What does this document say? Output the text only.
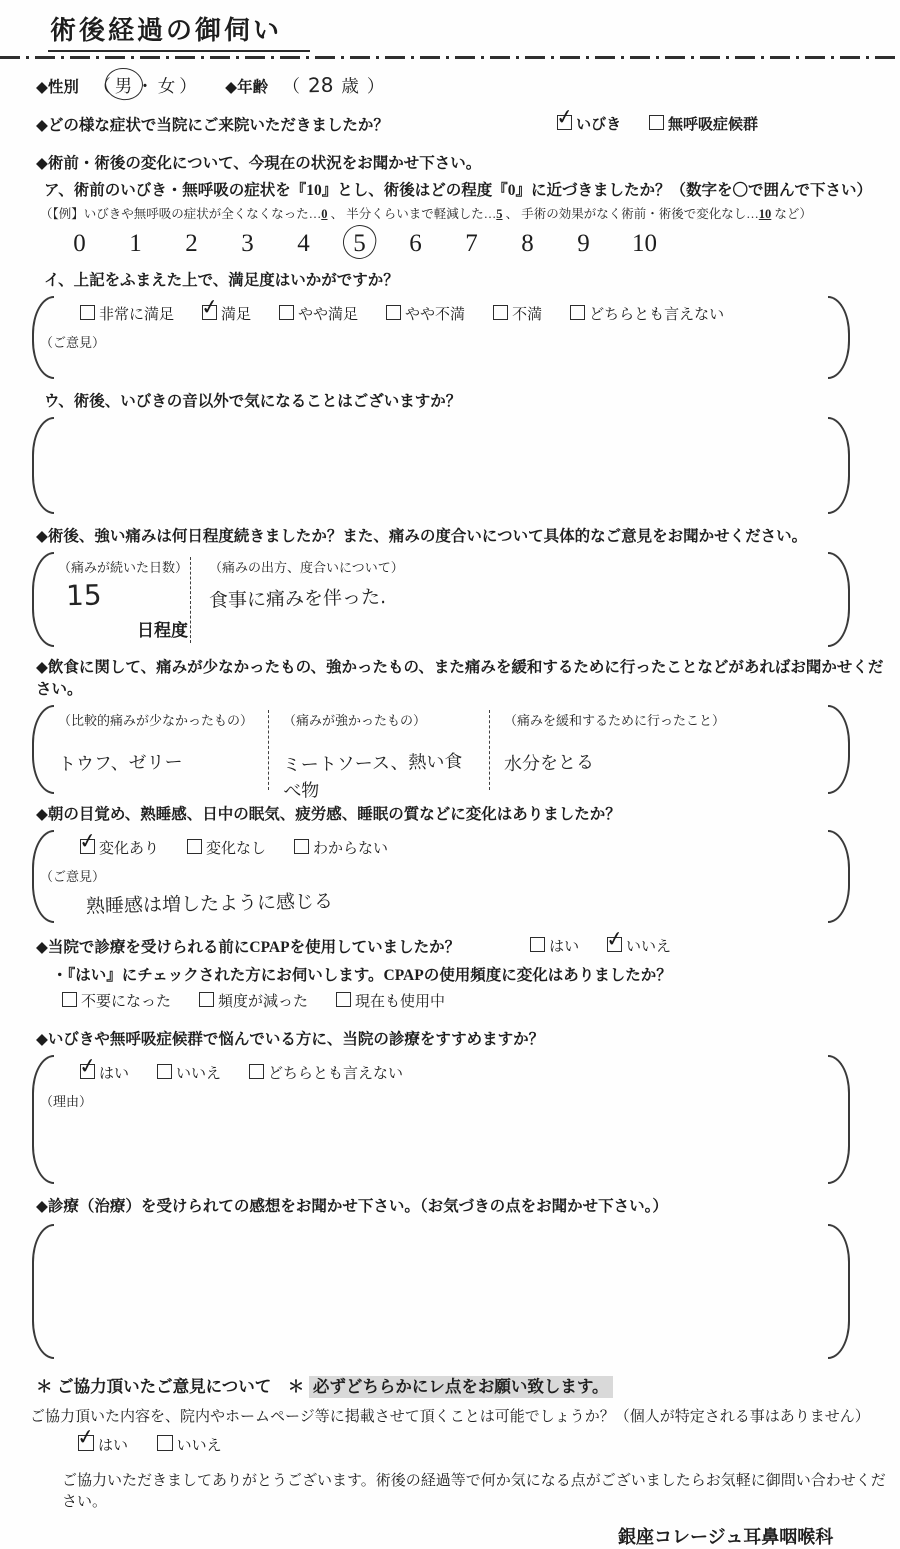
術後経過の御伺い
◆性別 （ 男 ・ 女 ） ◆年齢 （ 28 歳 ）
◆どの様な症状で当院にご来院いただきましたか？ ✓	いびき	無呼吸症候群
◆術前・術後の変化について、今現在の状況をお聞かせ下さい。
ア、術前のいびき・無呼吸の症状を『10』とし、術後はどの程度『0』に近づきましたか？（数字を〇で囲んで下さい）
（【例】いびきや無呼吸の症状が全くなくなった…0 、 半分くらいまで軽減した…5 、 手術の効果がなく術前・術後で変化なし…10 など）
0 1 2 3 4 5 6 7 8 9 10
イ、上記をふまえた上で、満足度はいかがですか？
非常に満足 ✓	満足	やや満足	やや不満	不満	どちらとも言えない
（ご意見）
ウ、術後、いびきの音以外で気になることはございますか？
◆術後、強い痛みは何日程度続きましたか？また、痛みの度合いについて具体的なご意見をお聞かせください。
（痛みが続いた日数）
15
日程度
（痛みの出方、度合いについて）
食事に痛みを伴った.
◆飲食に関して、痛みが少なかったもの、強かったもの、また痛みを緩和するために行ったことなどがあればお聞かせください。
（比較的痛みが少なかったもの）
トウフ、ゼリー
（痛みが強かったもの）
ミートソース、熱い食べ物
（痛みを緩和するために行ったこと）
水分をとる
◆朝の目覚め、熟睡感、日中の眠気、疲労感、睡眠の質などに変化はありましたか？
✓変化あり	変化なし	わからない
（ご意見）
熟睡感は増したように感じる
◆当院で診療を受けられる前にCPAPを使用していましたか？	はい ✓	いいえ
・『はい』にチェックされた方にお伺いします。CPAPの使用頻度に変化はありましたか？
不要になった	頻度が減った	現在も使用中
◆いびきや無呼吸症候群で悩んでいる方に、当院の診療をすすめますか？
✓はい	いいえ	どちらとも言えない
（理由）
◆診療（治療）を受けられての感想をお聞かせ下さい。（お気づきの点をお聞かせ下さい。）
＊ ご協力頂いたご意見について　＊ 必ずどちらかにレ点をお願い致します。
ご協力頂いた内容を、院内やホームページ等に掲載させて頂くことは可能でしょうか？（個人が特定される事はありません）
✓はい	いいえ
ご協力いただきましてありがとうございます。術後の経過等で何か気になる点がございましたらお気軽に御問い合わせください。
銀座コレージュ耳鼻咽喉科
